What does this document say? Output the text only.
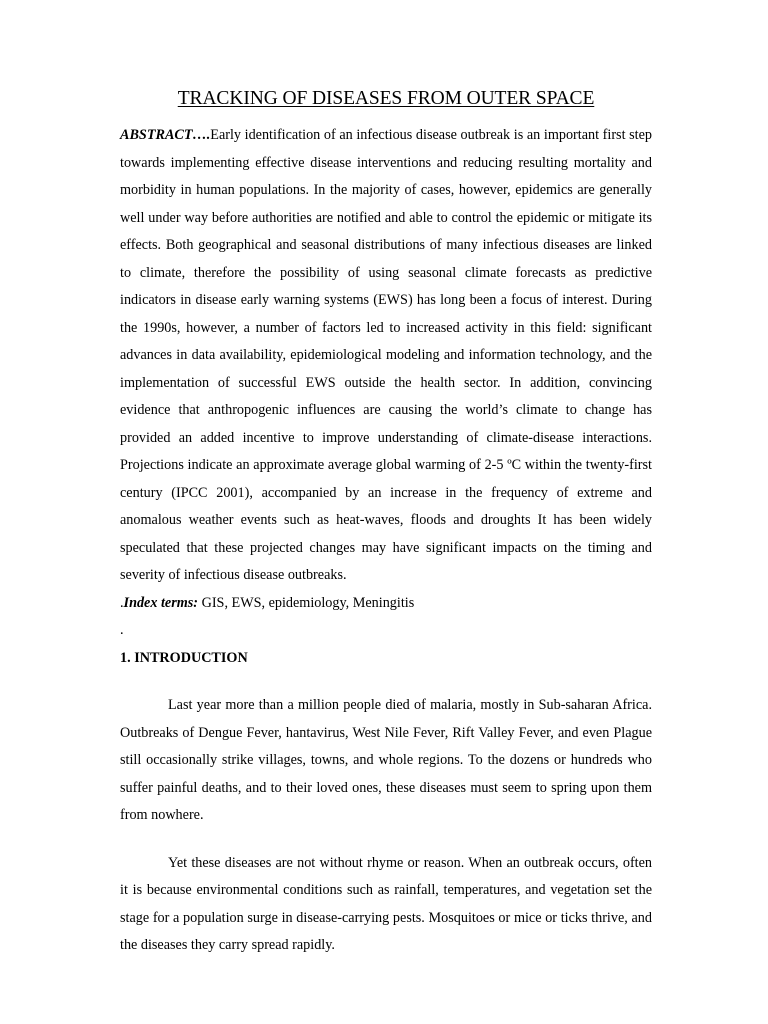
TRACKING OF DISEASES FROM OUTER SPACE

ABSTRACT….Early identification of an infectious disease outbreak is an important first step towards implementing effective disease interventions and reducing resulting mortality and morbidity in human populations. In the majority of cases, however, epidemics are generally well under way before authorities are notified and able to control the epidemic or mitigate its effects. Both geographical and seasonal distributions of many infectious diseases are linked to climate, therefore the possibility of using seasonal climate forecasts as predictive indicators in disease early warning systems (EWS) has long been a focus of interest. During the 1990s, however, a number of factors led to increased activity in this field: significant advances in data availability, epidemiological modeling and information technology, and the implementation of successful EWS outside the health sector. In addition, convincing evidence that anthropogenic influences are causing the world’s climate to change has provided an added incentive to improve understanding of climate-disease interactions. Projections indicate an approximate average global warming of 2-5 ºC within the twenty-first century (IPCC 2001), accompanied by an increase in the frequency of extreme and anomalous weather events such as heat-waves, floods and droughts It has been widely speculated that these projected changes may have significant impacts on the timing and severity of infectious disease outbreaks.

.Index terms: GIS, EWS, epidemiology, Meningitis

.

1. INTRODUCTION

Last year more than a million people died of malaria, mostly in Sub-saharan Africa. Outbreaks of Dengue Fever, hantavirus, West Nile Fever, Rift Valley Fever, and even Plague still occasionally strike villages, towns, and whole regions. To the dozens or hundreds who suffer painful deaths, and to their loved ones, these diseases must seem to spring upon them from nowhere.

Yet these diseases are not without rhyme or reason. When an outbreak occurs, often it is because environmental conditions such as rainfall, temperatures, and vegetation set the stage for a population surge in disease-carrying pests. Mosquitoes or mice or ticks thrive, and the diseases they carry spread rapidly.
